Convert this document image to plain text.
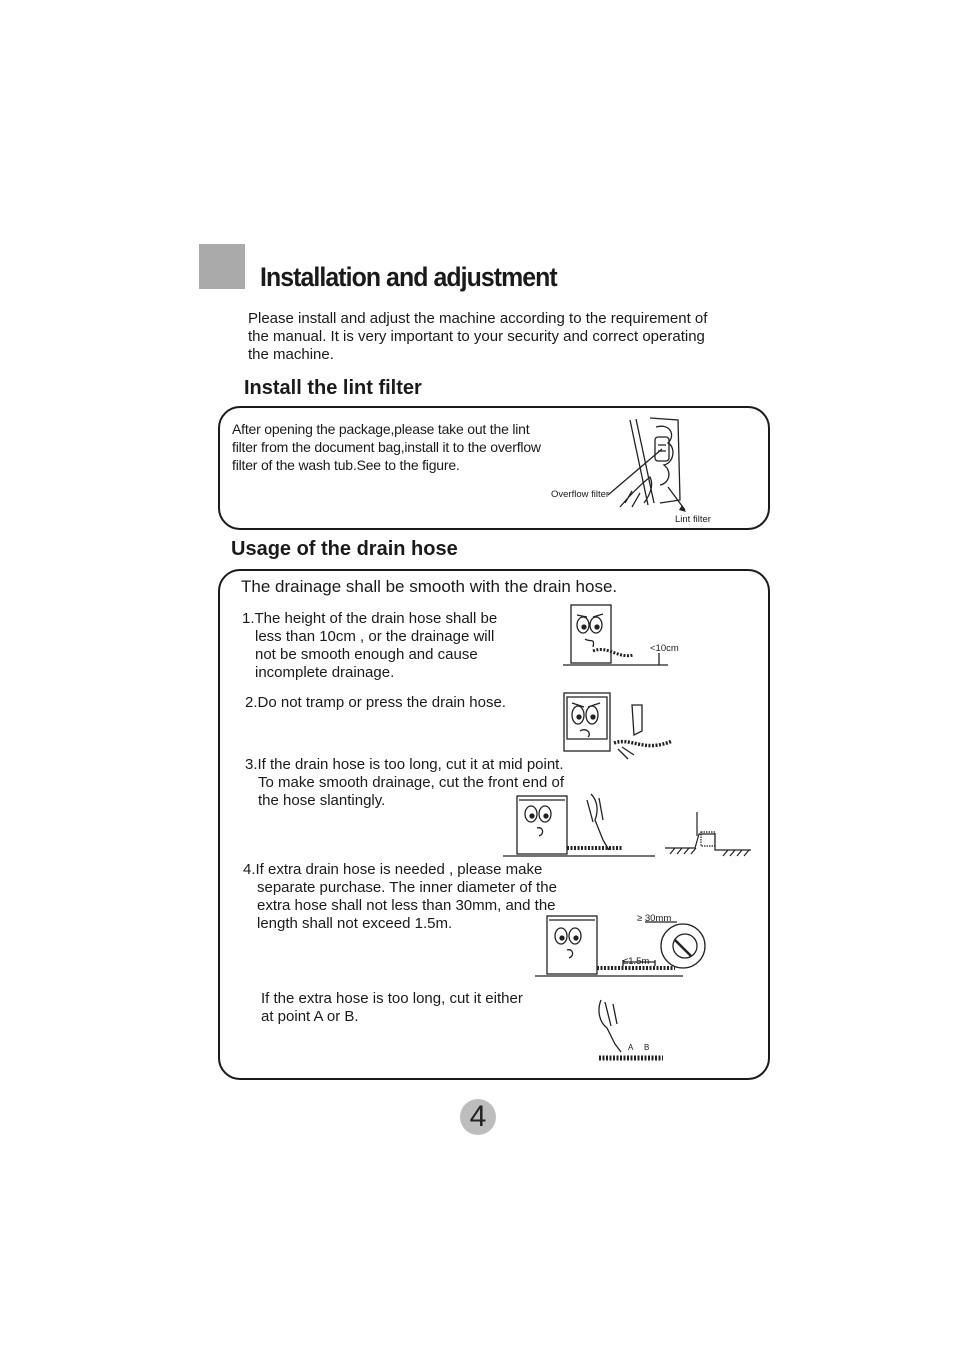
Installation and adjustment
Please install and adjust the machine according to the requirement of
the manual. It is very important to your security and correct operating
the machine.
Install the lint filter
After opening the package,please take out the lint
filter from the document bag,install it to the overflow
filter of the wash tub.See to the figure.
Overflow filter
Lint filter
Usage of the drain hose
The drainage shall be smooth with the drain hose.
1.The height of the drain hose shall be
less than 10cm , or the drainage will
not be smooth enough and cause
incomplete drainage.
<10cm
2.Do not tramp or press the drain hose.
3.If the drain hose is too long, cut it at mid point.
To make smooth drainage, cut the front end of
the hose slantingly.
4.If extra drain hose is needed , please make
separate purchase. The inner diameter of the
extra hose shall not less than 30mm, and the
length shall not exceed 1.5m.	≥ 30mm
≤1.5m
If the extra hose is too long, cut it either
at point A or B.
A B
4
